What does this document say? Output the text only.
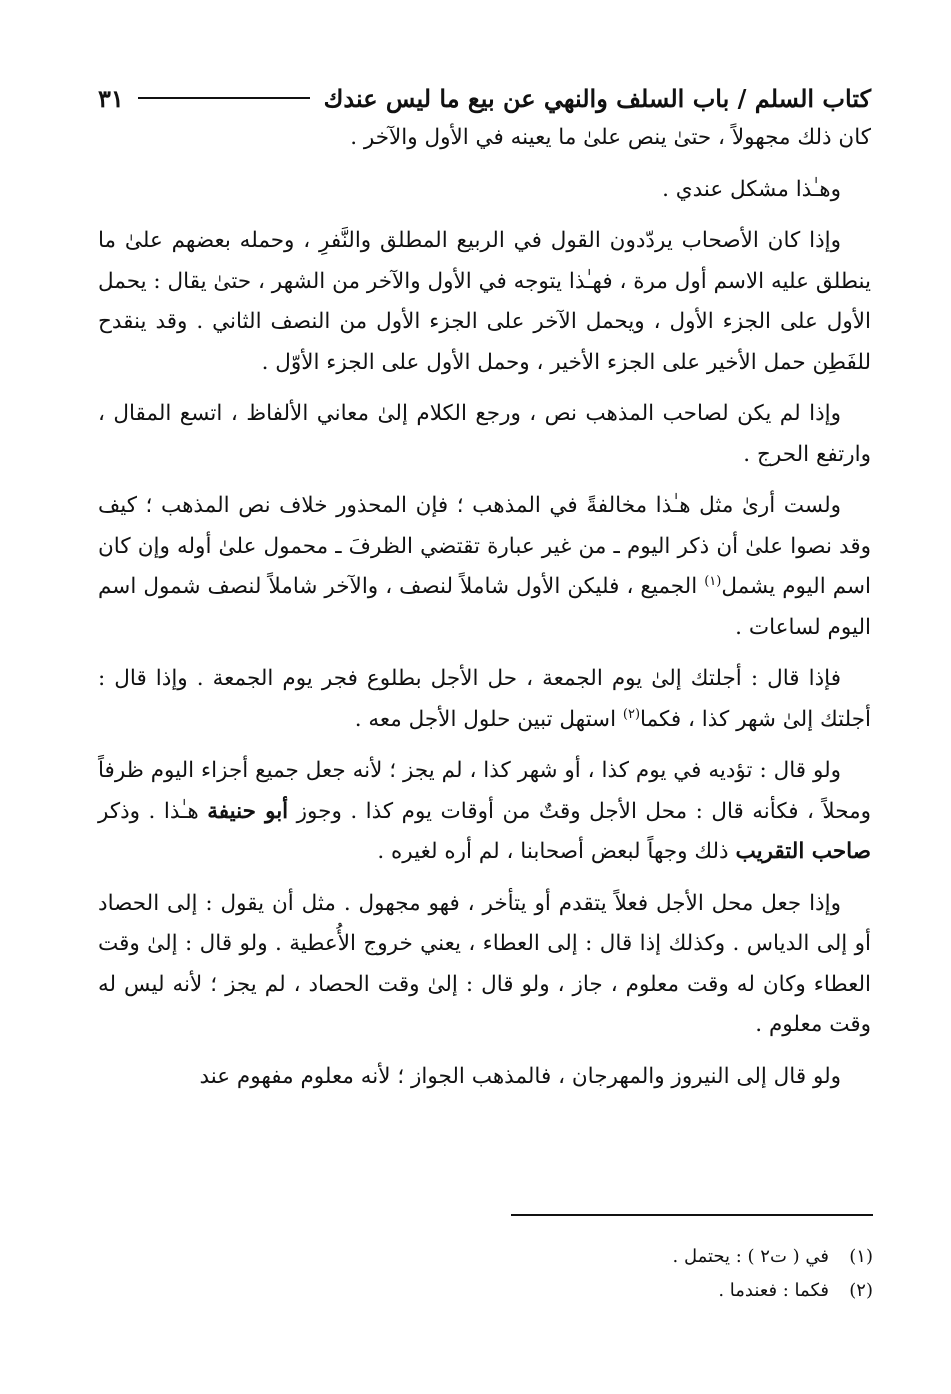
٣١	كتاب السلم / باب السلف والنهي عن بيع ما ليس عندك

كان ذلك مجهولاً ، حتىٰ ينص علىٰ ما يعينه في الأول والآخر .

وهـٰذا مشكل عندي .

وإذا كان الأصحاب يردّدون القول في الربيع المطلق والنَّفرِ ، وحمله بعضهم علىٰ ما ينطلق عليه الاسم أول مرة ، فهـٰذا يتوجه في الأول والآخر من الشهر ، حتىٰ يقال : يحمل الأول على الجزء الأول ، ويحمل الآخر على الجزء الأول من النصف الثاني . وقد ينقدح للفَطِن حمل الأخير على الجزء الأخير ، وحمل الأول على الجزء الأوّل .

وإذا لم يكن لصاحب المذهب نص ، ورجع الكلام إلىٰ معاني الألفاظ ، اتسع المقال ، وارتفع الحرج .

ولست أرىٰ مثل هـٰذا مخالفةً في المذهب ؛ فإن المحذور خلاف نص المذهب ؛ كيف وقد نصوا علىٰ أن ذكر اليوم ـ من غير عبارة تقتضي الظرفَ ـ محمول علىٰ أوله وإن كان اسم اليوم يشمل$^{(١)}$ الجميع ، فليكن الأول شاملاً لنصف ، والآخر شاملاً لنصف شمول اسم اليوم لساعات .

فإذا قال : أجلتك إلىٰ يوم الجمعة ، حل الأجل بطلوع فجر يوم الجمعة . وإذا قال : أجلتك إلىٰ شهر كذا ، فكما$^{(٢)}$ استهل تبين حلول الأجل معه .

ولو قال : تؤديه في يوم كذا ، أو شهر كذا ، لم يجز ؛ لأنه جعل جميع أجزاء اليوم ظرفاً ومحلاً ، فكأنه قال : محل الأجل وقتٌ من أوقات يوم كذا . وجوز أبو حنيفة هـٰذا . وذكر صاحب التقريب ذلك وجهاً لبعض أصحابنا ، لم أره لغيره .

وإذا جعل محل الأجل فعلاً يتقدم أو يتأخر ، فهو مجهول . مثل أن يقول : إلى الحصاد أو إلى الدياس . وكذلك إذا قال : إلى العطاء ، يعني خروج الأُعطية . ولو قال : إلىٰ وقت العطاء وكان له وقت معلوم ، جاز ، ولو قال : إلىٰ وقت الحصاد ، لم يجز ؛ لأنه ليس له وقت معلوم .

ولو قال إلى النيروز والمهرجان ، فالمذهب الجواز ؛ لأنه معلوم مفهوم عند

(١)
في ( ت٢ ) : يحتمل .
(٢)
فكما : فعندما .
